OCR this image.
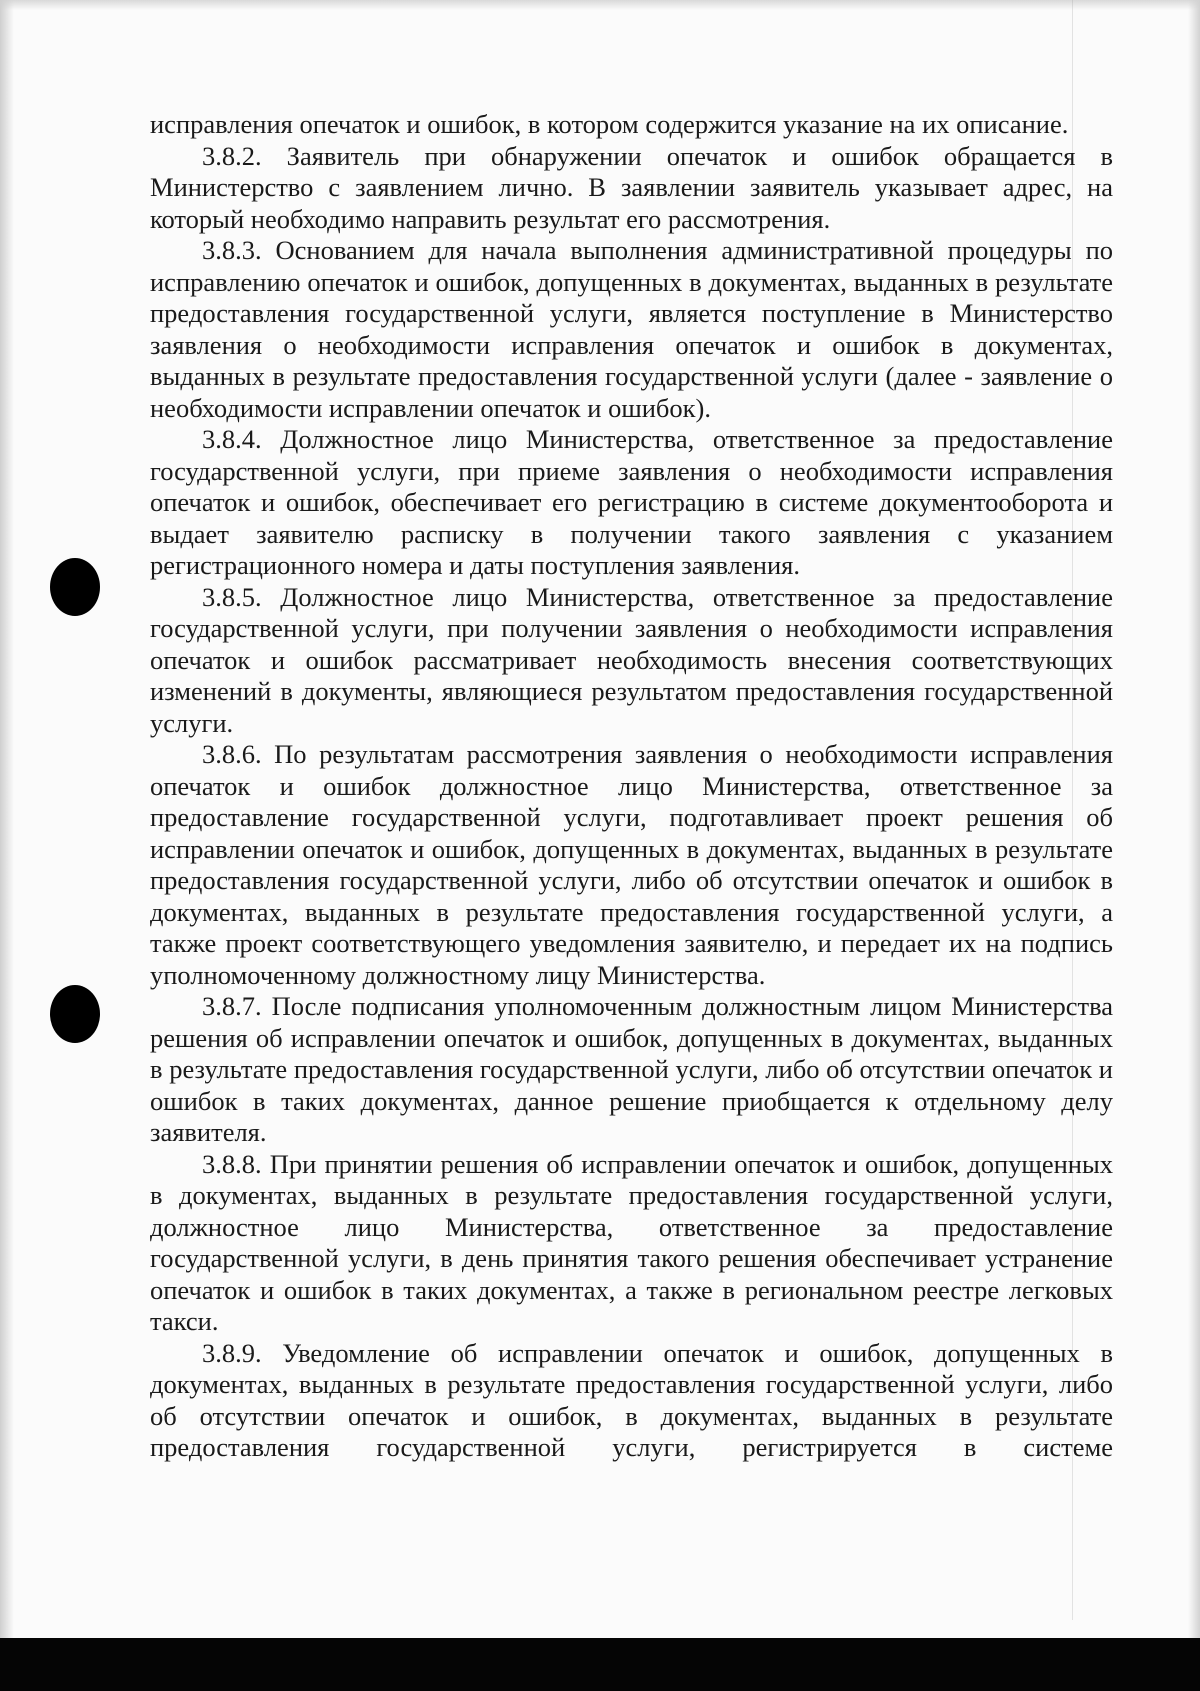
исправления опечаток и ошибок, в котором содержится указание на их описание.

3.8.2. Заявитель при обнаружении опечаток и ошибок обращается в Министерство с заявлением лично. В заявлении заявитель указывает адрес, на который необходимо направить результат его рассмотрения.

3.8.3. Основанием для начала выполнения административной процедуры по исправлению опечаток и ошибок, допущенных в документах, выданных в результате предоставления государственной услуги, является поступление в Министерство заявления о необходимости исправления опечаток и ошибок в документах, выданных в результате предоставления государственной услуги (далее - заявление о необходимости исправлении опечаток и ошибок).

3.8.4. Должностное лицо Министерства, ответственное за предоставление государственной услуги, при приеме заявления о необходимости исправления опечаток и ошибок, обеспечивает его регистрацию в системе документооборота и выдает заявителю расписку в получении такого заявления с указанием регистрационного номера и даты поступления заявления.

3.8.5. Должностное лицо Министерства, ответственное за предоставление государственной услуги, при получении заявления о необходимости исправления опечаток и ошибок рассматривает необходимость внесения соответствующих изменений в документы, являющиеся результатом предоставления государственной услуги.

3.8.6. По результатам рассмотрения заявления о необходимости исправления опечаток и ошибок должностное лицо Министерства, ответственное за предоставление государственной услуги, подготавливает проект решения об исправлении опечаток и ошибок, допущенных в документах, выданных в результате предоставления государственной услуги, либо об отсутствии опечаток и ошибок в документах, выданных в результате предоставления государственной услуги, а также проект соответствующего уведомления заявителю, и передает их на подпись уполномоченному должностному лицу Министерства.

3.8.7. После подписания уполномоченным должностным лицом Министерства решения об исправлении опечаток и ошибок, допущенных в документах, выданных в результате предоставления государственной услуги, либо об отсутствии опечаток и ошибок в таких документах, данное решение приобщается к отдельному делу заявителя.

3.8.8. При принятии решения об исправлении опечаток и ошибок, допущенных в документах, выданных в результате предоставления государственной услуги, должностное лицо Министерства, ответственное за предоставление государственной услуги, в день принятия такого решения обеспечивает устранение опечаток и ошибок в таких документах, а также в региональном реестре легковых такси.

3.8.9. Уведомление об исправлении опечаток и ошибок, допущенных в документах, выданных в результате предоставления государственной услуги, либо об отсутствии опечаток и ошибок, в документах, выданных в результате предоставления государственной услуги, регистрируется в системе
